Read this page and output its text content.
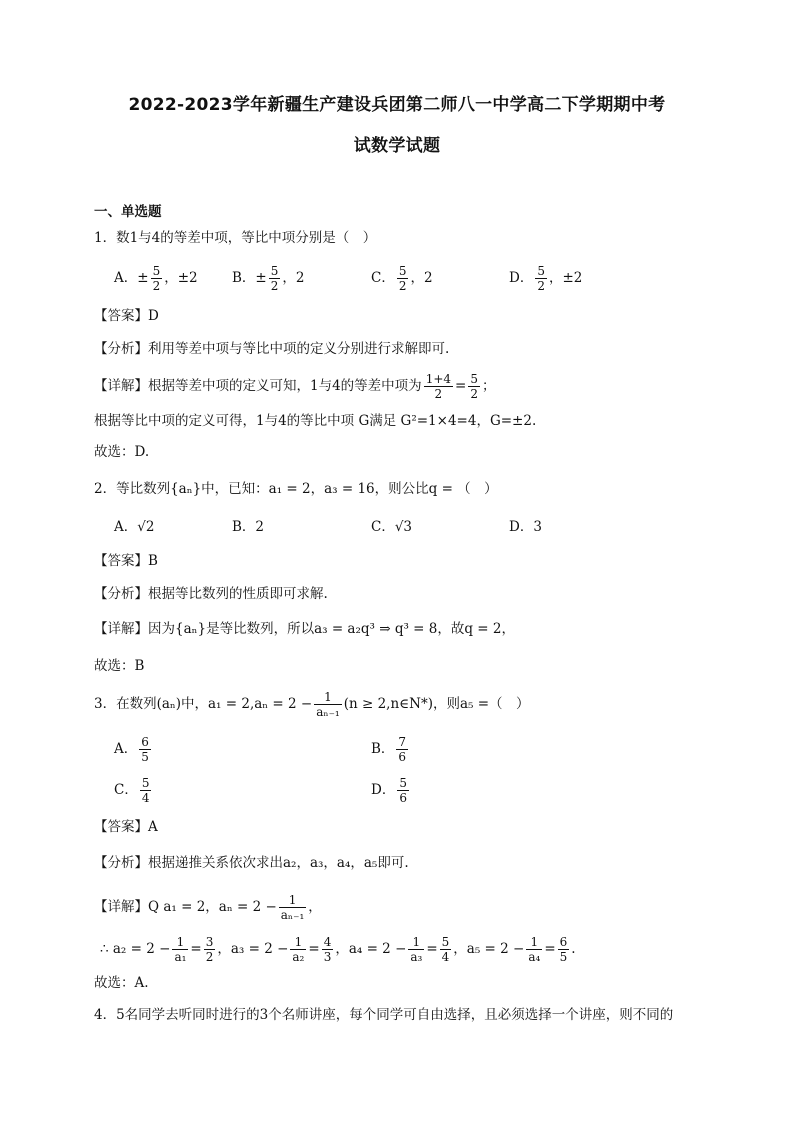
2022-2023学年新疆生产建设兵团第二师八一中学高二下学期期中考
试数学试题
一、单选题
1．数1与4的等差中项，等比中项分别是（　）
A．± $\frac{5}{2}$ ，±2	B．± $\frac{5}{2}$ ，2	C． $\frac{5}{2}$ ，2	D． $\frac{5}{2}$ ，±2
【答案】D
【分析】利用等差中项与等比中项的定义分别进行求解即可.
【详解】根据等差中项的定义可知，1与4的等差中项为 $\frac{1+4}{2} = \frac{5}{2}$ ；
根据等比中项的定义可得，1与4的等比中项 G满足 G²=1×4=4，G=±2.
故选：D.
2．等比数列{aₙ}中，已知：a₁ = 2，a₃ = 16，则公比q = （　）
A．√2	B．2	C．√3	D．3
【答案】B
【分析】根据等比数列的性质即可求解.
【详解】因为{aₙ}是等比数列，所以a₃ = a₂q³ ⇒ q³ = 8，故q = 2，
故选：B
3．在数列(aₙ)中，$a_1 = 2,a_n = 2 - \frac{1}{\text{aₙ₋₁}} (n$ ≥ 2,n∈N*)，则a₅ =（　）
A． $\frac{6}{5}$	B． $\frac{7}{6}$
C． $\frac{5}{4}$	D． $\frac{5}{6}$
【答案】A
【分析】根据递推关系依次求出a₂，a₃，a₄，a₅即可.
【详解】Q a₁ = 2，$a_n = 2 - \frac{1}{\text{aₙ₋₁}}$ ，
∴ $a_2 = 2 - \frac{1}{\text{a₁}} = \frac{3}{2}$ ，$a_3 = 2 - \frac{1}{\text{a₂}} = \frac{4}{3}$ ，$a_4 = 2 - \frac{1}{\text{a₃}} = \frac{5}{4}$ ，$a_5 = 2 - \frac{1}{\text{a₄}} = \frac{6}{5}$ .
故选：A.
4．5名同学去听同时进行的3个名师讲座，每个同学可自由选择，且必须选择一个讲座，则不同的
